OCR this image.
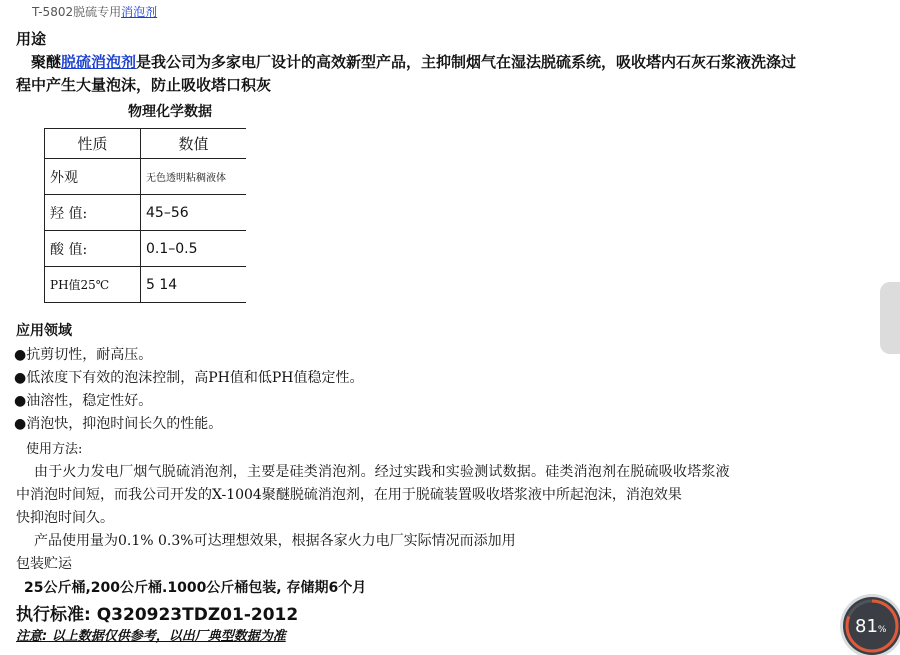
T-5802脱硫专用消泡剂
用途
聚醚脱硫消泡剂是我公司为多家电厂设计的高效新型产品，主抑制烟气在湿法脱硫系统，吸收塔内石灰石浆液洗涤过
程中产生大量泡沫，防止吸收塔口积灰
物理化学数据
性质	数值
外观	无色透明粘稠液体
羟 值:	45–56
酸 值:	0.1–0.5
PH值25℃	5 14
应用领域
●抗剪切性，耐高压。
●低浓度下有效的泡沫控制，高PH值和低PH值稳定性。
●油溶性，稳定性好。
●消泡快，抑泡时间长久的性能。
使用方法:
由于火力发电厂烟气脱硫消泡剂，主要是硅类消泡剂。经过实践和实验测试数据。硅类消泡剂在脱硫吸收塔浆液
中消泡时间短，而我公司开发的X-1004聚醚脱硫消泡剂，在用于脱硫装置吸收塔浆液中所起泡沫，消泡效果
快抑泡时间久。
产品使用量为0.1% 0.3%可达理想效果，根据各家火力电厂实际情况而添加用
包装贮运
25公斤桶,200公斤桶.1000公斤桶包装, 存储期6个月
执行标准: Q320923TDZ01-2012
注意: 以上数据仅供参考，以出厂典型数据为准	81%
